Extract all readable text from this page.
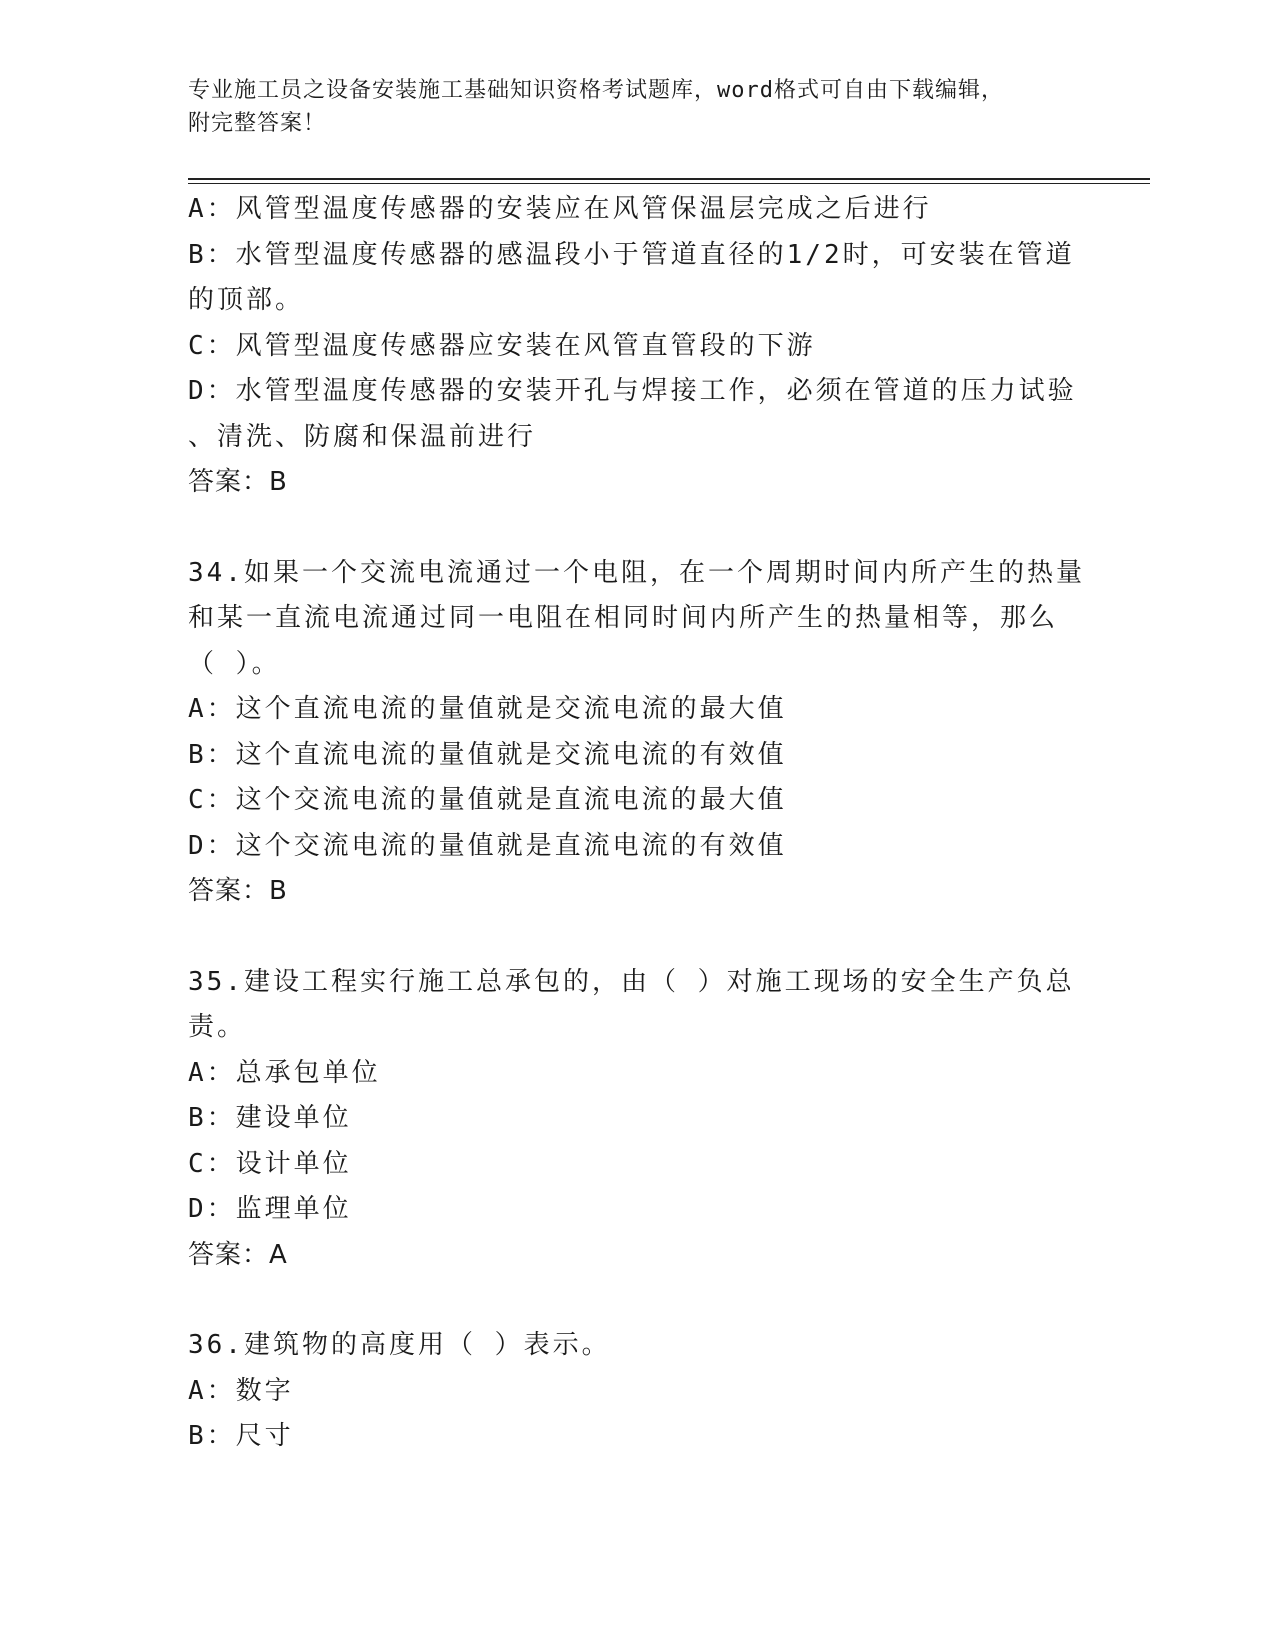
专业施工员之设备安装施工基础知识资格考试题库，word格式可自由下载编辑，
附完整答案！
A：风管型温度传感器的安装应在风管保温层完成之后进行
B：水管型温度传感器的感温段小于管道直径的1/2时，可安装在管道
的顶部。
C：风管型温度传感器应安装在风管直管段的下游
D：水管型温度传感器的安装开孔与焊接工作，必须在管道的压力试验
、清洗、防腐和保温前进行
答案：B
34.如果一个交流电流通过一个电阻，在一个周期时间内所产生的热量
和某一直流电流通过同一电阻在相同时间内所产生的热量相等，那么
（ ）。
A：这个直流电流的量值就是交流电流的最大值
B：这个直流电流的量值就是交流电流的有效值
C：这个交流电流的量值就是直流电流的最大值
D：这个交流电流的量值就是直流电流的有效值
答案：B
35.建设工程实行施工总承包的，由（ ）对施工现场的安全生产负总
责。
A：总承包单位
B：建设单位
C：设计单位
D：监理单位
答案：A
36.建筑物的高度用（ ）表示。
A：数字
B：尺寸
